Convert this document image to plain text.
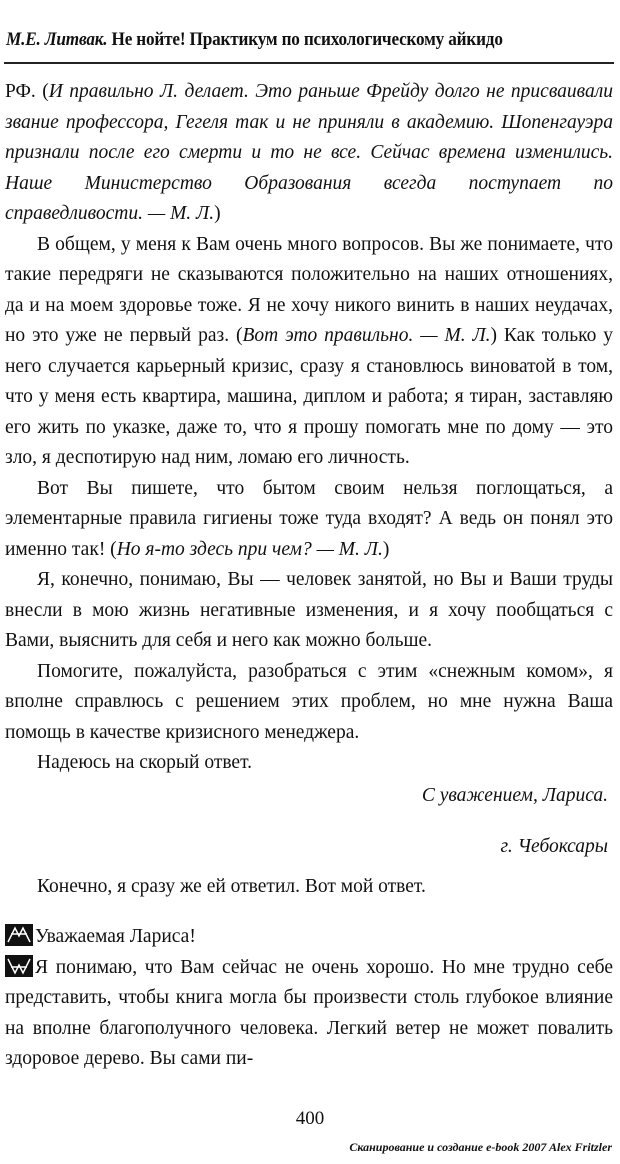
М.Е. Литвак. Не нойте! Практикум по психологическому айкидо

РФ. (И правильно Л. делает. Это раньше Фрейду долго не присваивали звание профессора, Гегеля так и не приняли в академию. Шопенгауэра признали после его смерти и то не все. Сейчас времена изменились. Наше Министерство Образования всегда поступает по справедливости. — М. Л.)

В общем, у меня к Вам очень много вопросов. Вы же понимаете, что такие передряги не сказываются положительно на наших отношениях, да и на моем здоровье тоже. Я не хочу никого винить в наших неудачах, но это уже не первый раз. (Вот это правильно. — М. Л.) Как только у него случается карьерный кризис, сразу я становлюсь виноватой в том, что у меня есть квартира, машина, диплом и работа; я тиран, заставляю его жить по указке, даже то, что я прошу помогать мне по дому — это зло, я деспотирую над ним, ломаю его личность.

Вот Вы пишете, что бытом своим нельзя поглощаться, а элементарные правила гигиены тоже туда входят? А ведь он понял это именно так! (Но я-то здесь при чем? — М. Л.)

Я, конечно, понимаю, Вы — человек занятой, но Вы и Ваши труды внесли в мою жизнь негативные изменения, и я хочу пообщаться с Вами, выяснить для себя и него как можно больше.

Помогите, пожалуйста, разобраться с этим «снежным комом», я вполне справлюсь с решением этих проблем, но мне нужна Ваша помощь в качестве кризисного менеджера.

Надеюсь на скорый ответ.

С уважением, Лариса.
г. Чебоксары
Конечно, я сразу же ей ответил. Вот мой ответ.

Уважаемая Лариса!

Я понимаю, что Вам сейчас не очень хорошо. Но мне трудно себе представить, чтобы книга могла бы произвести столь глубокое влияние на вполне благополучного человека. Легкий ветер не может повалить здоровое дерево. Вы сами пи-

400
Сканирование и создание e-book 2007 Alex Fritzler
